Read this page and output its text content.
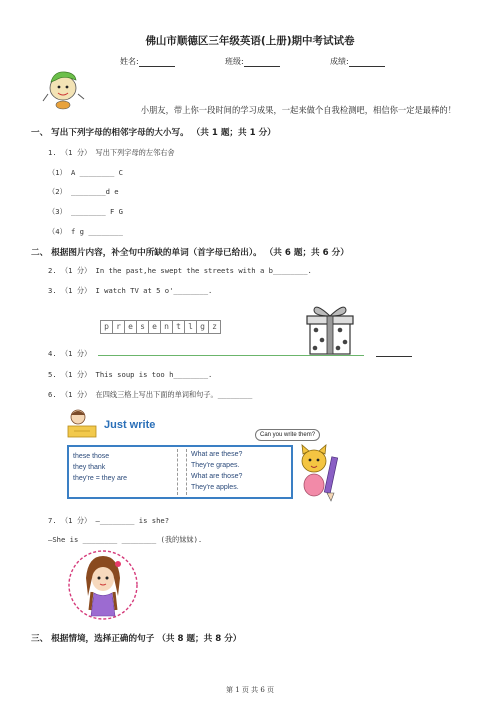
佛山市顺德区三年级英语(上册)期中考试试卷
姓名:	班级:	成绩:
小朋友，带上你一段时间的学习成果，一起来做个自我检测吧，相信你一定是最棒的！
一、 写出下列字母的相邻字母的大小写。 （共 1 题；共 1 分）
1. （1 分） 写出下列字母的左邻右舍
（1） A ________ C
（2） ________d e
（3） ________ F G
（4） f g ________
二、 根据图片内容，补全句中所缺的单词（首字母已给出）。 （共 6 题；共 6 分）
2. （1 分） In the past,he swept the streets with a b________.
3. （1 分） I watch TV at 5 o'________.
p r e s e n t l g z
4. （1 分）
5. （1 分） This soup is too h________.
6. （1 分） 在四线三格上写出下面的单词和句子。________
Just write
these those
they thank
they're = they are
What are these?
They're grapes.
What are those?
They're apples.
Can you write them?
7. （1 分） —________ is she?
—She is ________ ________ (我的妹妹).
三、 根据情境，选择正确的句子 （共 8 题；共 8 分）
第 1 页 共 6 页
